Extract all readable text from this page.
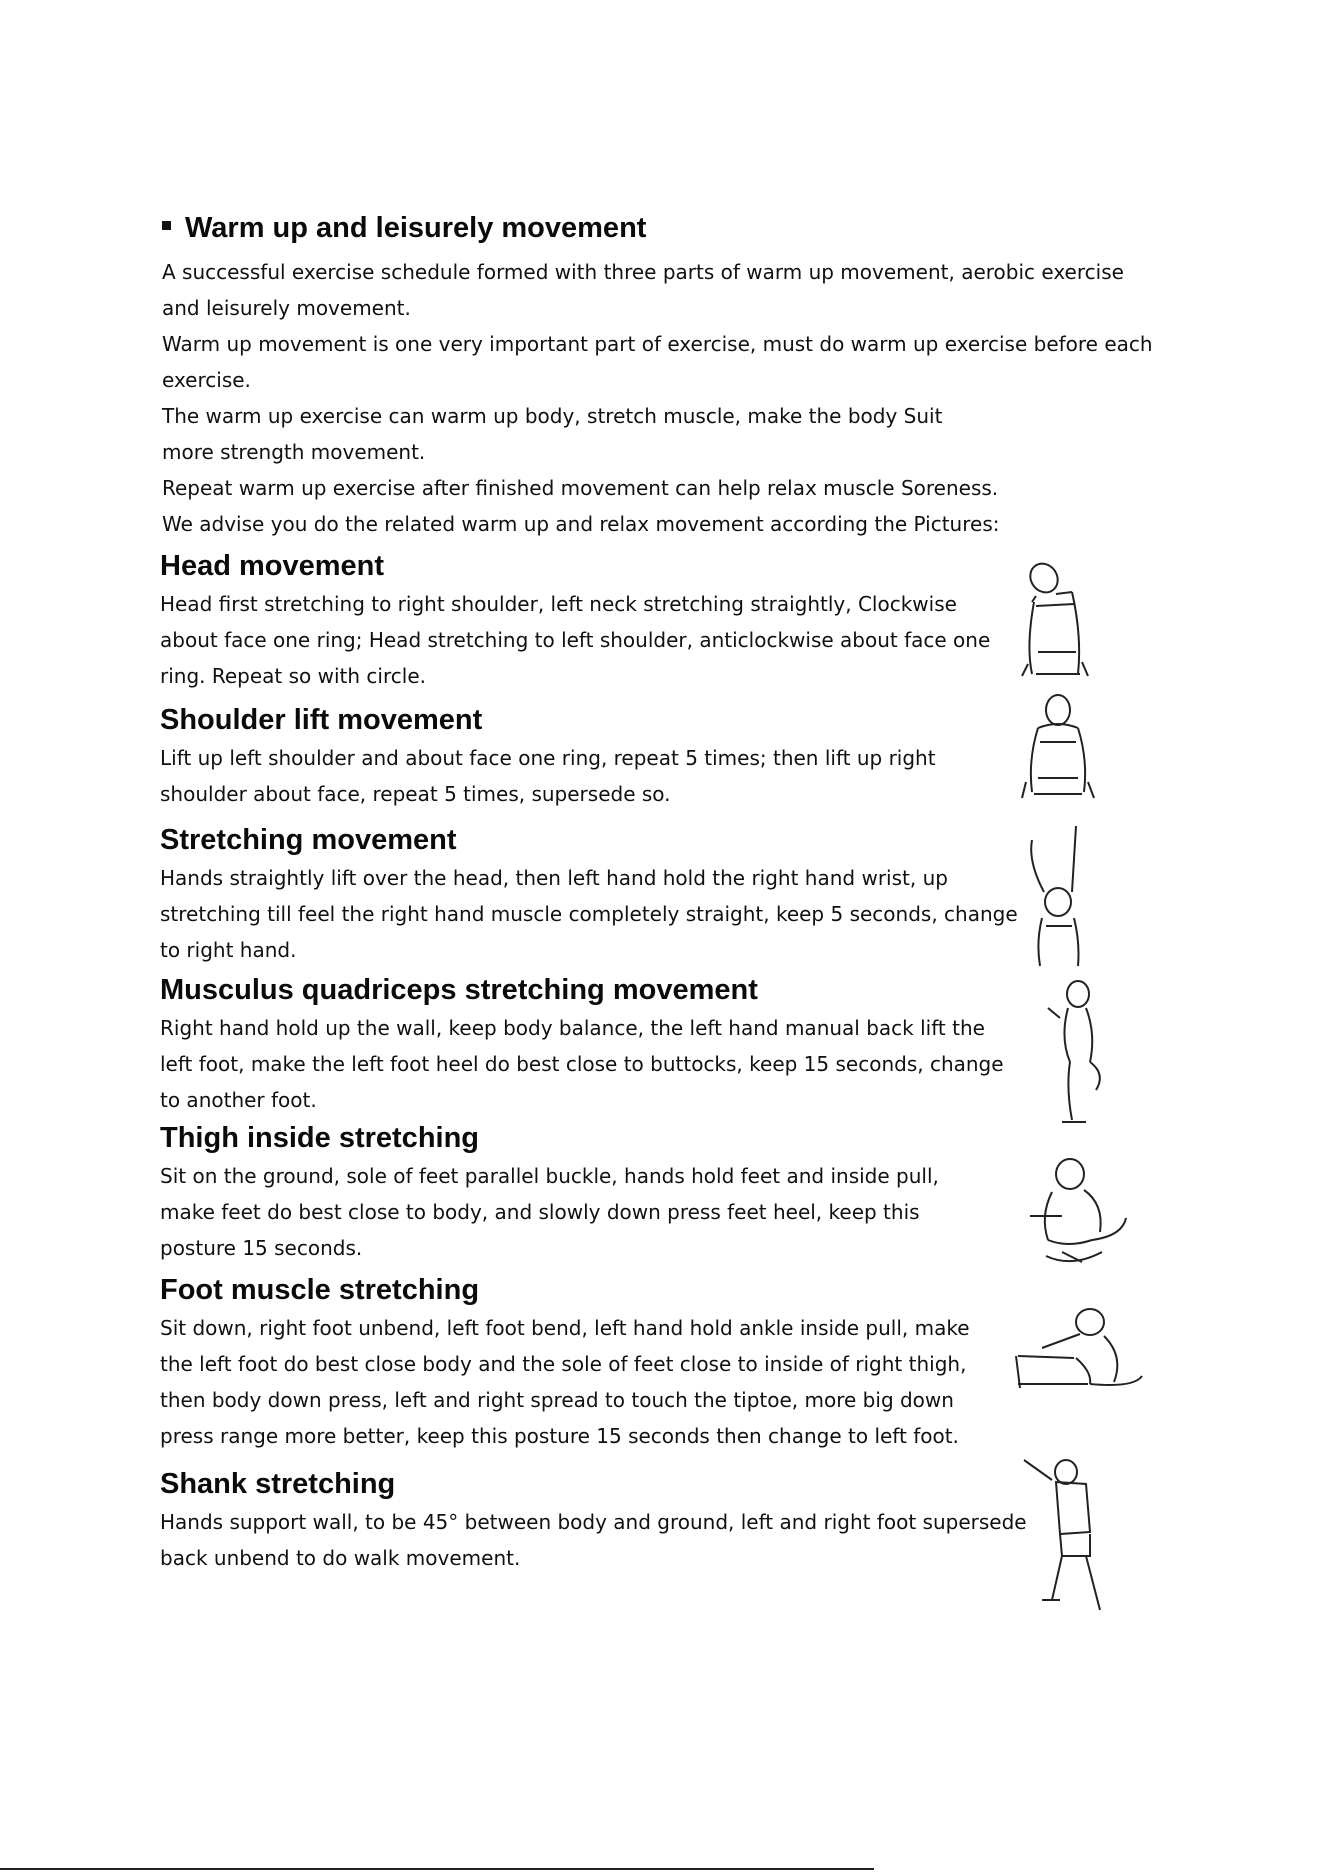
Warm up and leisurely movement

A successful exercise schedule formed with three parts of warm up movement, aerobic exercise and leisurely movement.

Warm up movement is one very important part of exercise, must do warm up exercise before each exercise.

The warm up exercise can warm up body, stretch muscle, make the body Suit more strength movement.

Repeat warm up exercise after finished movement can help relax muscle Soreness.

We advise you do the related warm up and relax movement according the Pictures:

Head movement
Head first stretching to right shoulder, left neck stretching straightly, Clockwise about face one ring; Head stretching to left shoulder, anticlockwise about face one ring. Repeat so with circle.
Shoulder lift movement
Lift up left shoulder and about face one ring, repeat 5 times; then lift up right shoulder about face, repeat 5 times, supersede so.
Stretching movement
Hands straightly lift over the head, then left hand hold the right hand wrist, up stretching till feel the right hand muscle completely straight, keep 5 seconds, change to right hand.
Musculus quadriceps stretching movement
Right hand hold up the wall, keep body balance, the left hand manual back lift the left foot, make the left foot heel do best close to buttocks, keep 15 seconds, change to another foot.
Thigh inside stretching
Sit on the ground, sole of feet parallel buckle, hands hold feet and inside pull, make feet do best close to body, and slowly down press feet heel, keep this posture 15 seconds.
Foot muscle stretching
Sit down, right foot unbend, left foot bend, left hand hold ankle inside pull, make the left foot do best close body and the sole of feet close to inside of right thigh, then body down press, left and right spread to touch the tiptoe, more big down press range more better, keep this posture 15 seconds then change to left foot.
Shank stretching
Hands support wall, to be 45° between body and ground, left and right foot supersede back unbend to do walk movement.
